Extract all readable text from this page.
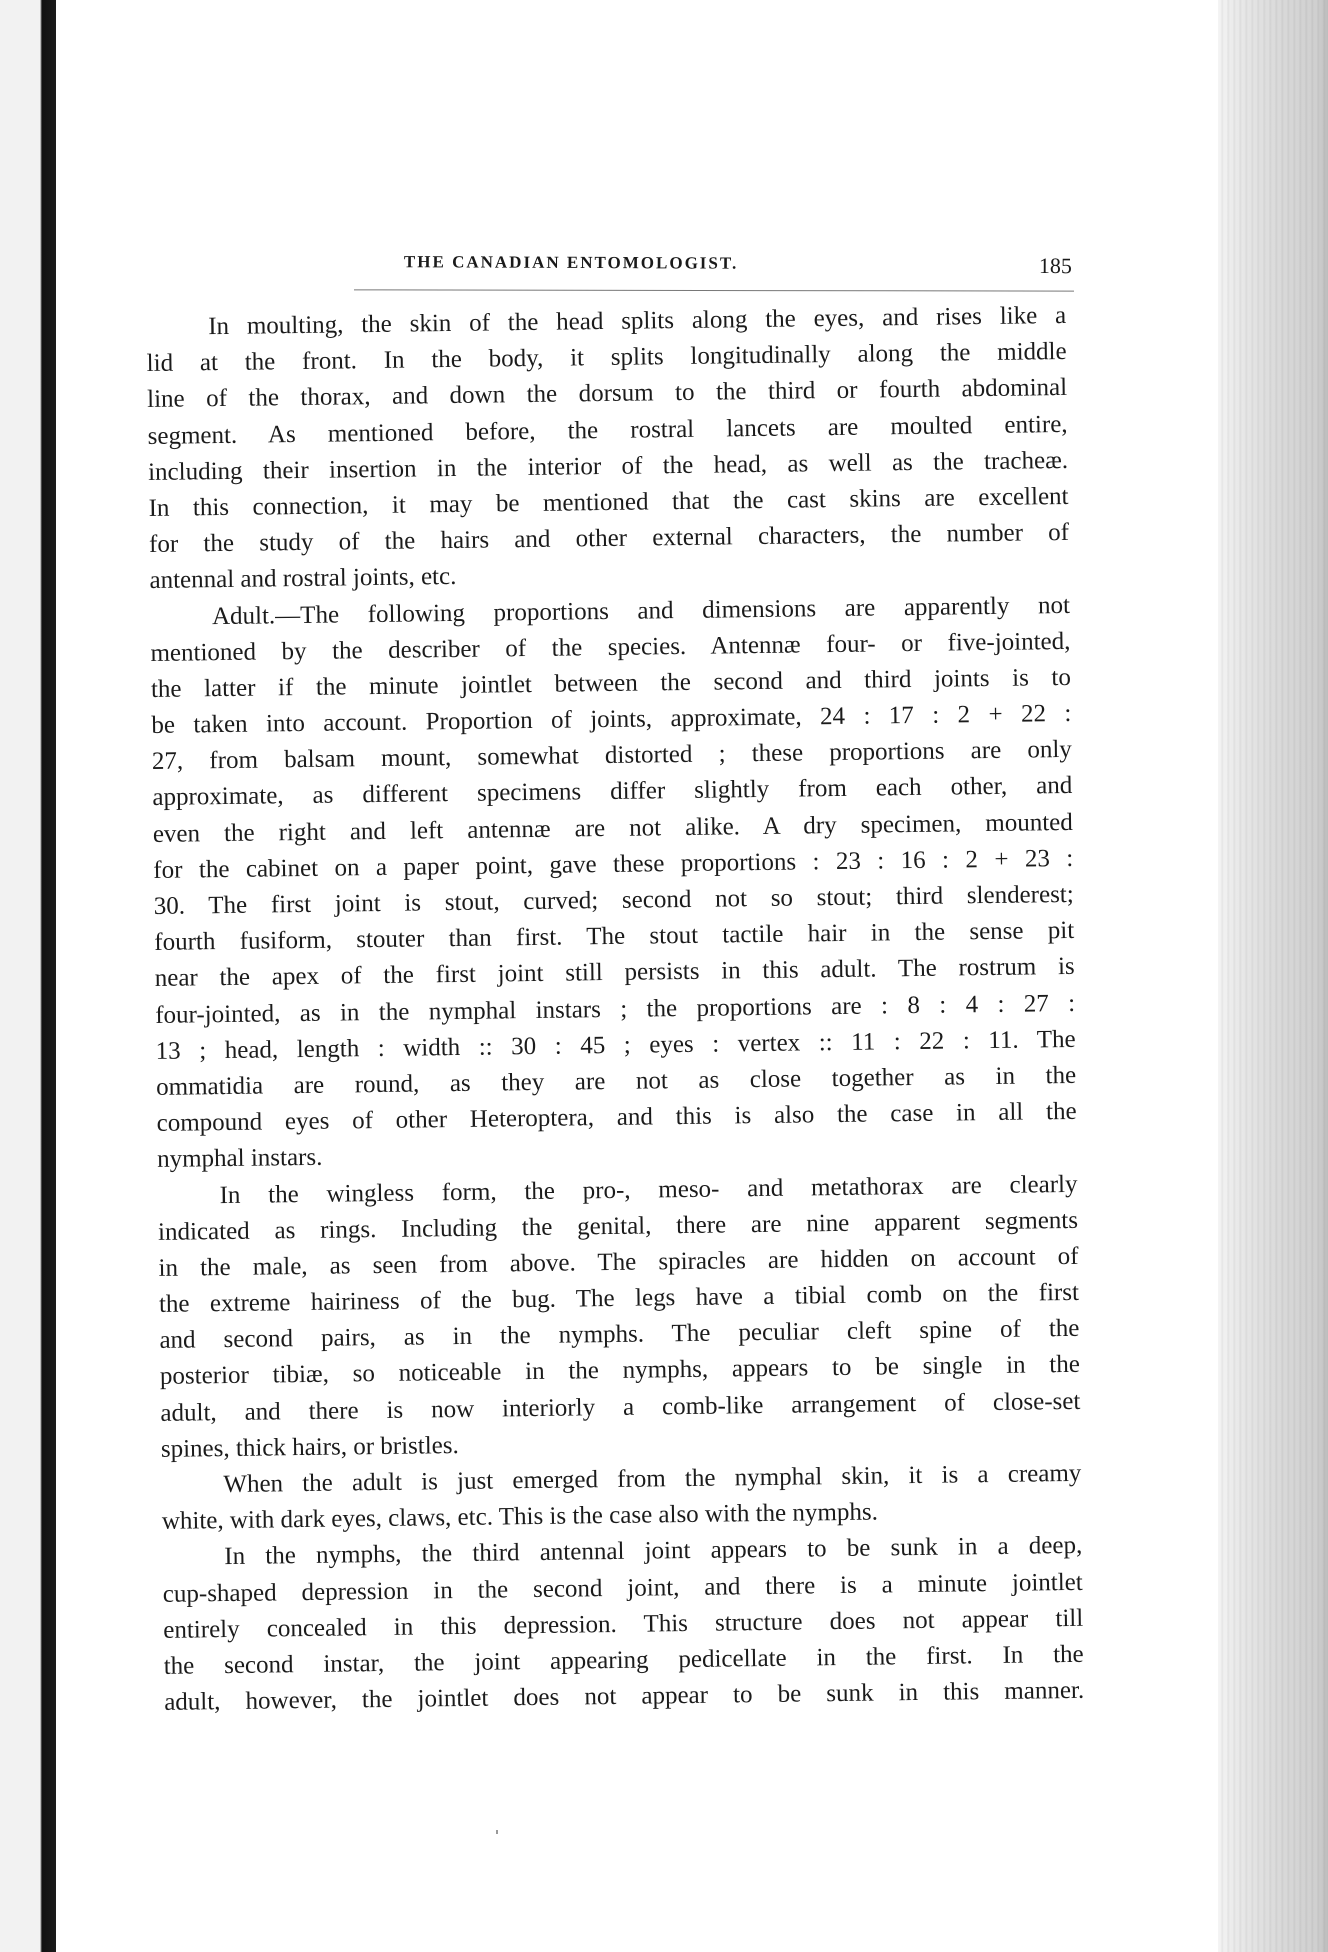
THE CANADIAN ENTOMOLOGIST.	185
In moulting, the skin of the head splits along the eyes, and rises like a
lid at the front. In the body, it splits longitudinally along the middle
line of the thorax, and down the dorsum to the third or fourth abdominal
segment. As mentioned before, the rostral lancets are moulted entire,
including their insertion in the interior of the head, as well as the tracheæ.
In this connection, it may be mentioned that the cast skins are excellent
for the study of the hairs and other external characters, the number of
antennal and rostral joints, etc.
Adult.—The following proportions and dimensions are apparently not
mentioned by the describer of the species. Antennæ four- or five-jointed,
the latter if the minute jointlet between the second and third joints is to
be taken into account. Proportion of joints, approximate, 24 : 17 : 2 + 22 :
27, from balsam mount, somewhat distorted ; these proportions are only
approximate, as different specimens differ slightly from each other, and
even the right and left antennæ are not alike. A dry specimen, mounted
for the cabinet on a paper point, gave these proportions : 23 : 16 : 2 + 23 :
30. The first joint is stout, curved; second not so stout; third slenderest;
fourth fusiform, stouter than first. The stout tactile hair in the sense pit
near the apex of the first joint still persists in this adult. The rostrum is
four-jointed, as in the nymphal instars ; the proportions are : 8 : 4 : 27 :
13 ; head, length : width :: 30 : 45 ; eyes : vertex :: 11 : 22 : 11. The
ommatidia are round, as they are not as close together as in the
compound eyes of other Heteroptera, and this is also the case in all the
nymphal instars.
In the wingless form, the pro-, meso- and metathorax are clearly
indicated as rings. Including the genital, there are nine apparent segments
in the male, as seen from above. The spiracles are hidden on account of
the extreme hairiness of the bug. The legs have a tibial comb on the first
and second pairs, as in the nymphs. The peculiar cleft spine of the
posterior tibiæ, so noticeable in the nymphs, appears to be single in the
adult, and there is now interiorly a comb-like arrangement of close-set
spines, thick hairs, or bristles.
When the adult is just emerged from the nymphal skin, it is a creamy
white, with dark eyes, claws, etc. This is the case also with the nymphs.
In the nymphs, the third antennal joint appears to be sunk in a deep,
cup-shaped depression in the second joint, and there is a minute jointlet
entirely concealed in this depression. This structure does not appear till
the second instar, the joint appearing pedicellate in the first. In the
adult, however, the jointlet does not appear to be sunk in this manner.
